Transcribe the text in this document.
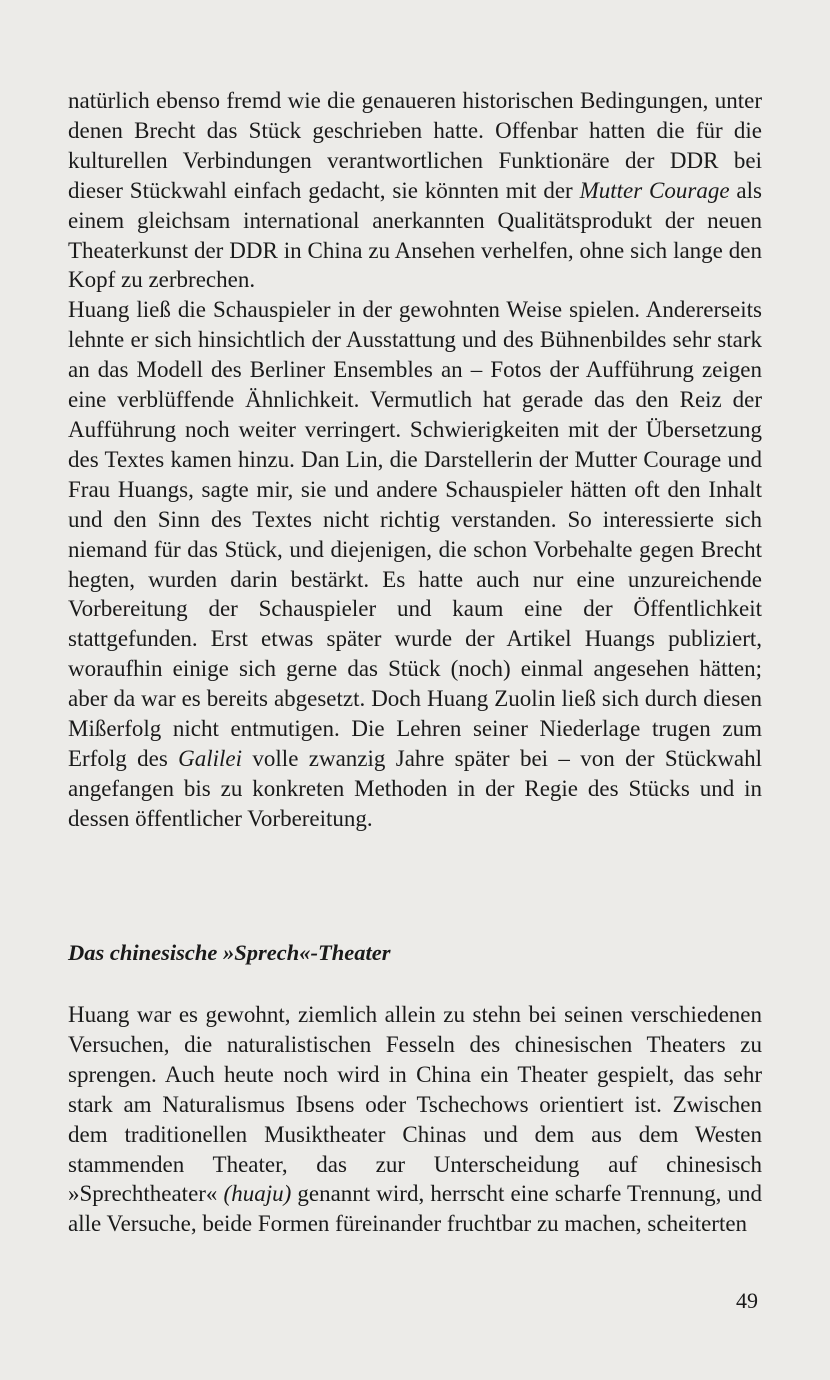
natürlich ebenso fremd wie die genaueren historischen Bedingungen, unter denen Brecht das Stück geschrieben hatte. Offenbar hatten die für die kulturellen Verbindungen verantwortlichen Funktionäre der DDR bei dieser Stückwahl einfach gedacht, sie könnten mit der Mutter Courage als einem gleichsam international anerkannten Qualitätsprodukt der neuen Theaterkunst der DDR in China zu Ansehen verhelfen, ohne sich lange den Kopf zu zerbrechen.

Huang ließ die Schauspieler in der gewohnten Weise spielen. Andererseits lehnte er sich hinsichtlich der Ausstattung und des Bühnenbildes sehr stark an das Modell des Berliner Ensembles an – Fotos der Aufführung zeigen eine verblüffende Ähnlichkeit. Vermutlich hat gerade das den Reiz der Aufführung noch weiter verringert. Schwierigkeiten mit der Übersetzung des Textes kamen hinzu. Dan Lin, die Darstellerin der Mutter Courage und Frau Huangs, sagte mir, sie und andere Schauspieler hätten oft den Inhalt und den Sinn des Textes nicht richtig verstanden. So interessierte sich niemand für das Stück, und diejenigen, die schon Vorbehalte gegen Brecht hegten, wurden darin bestärkt. Es hatte auch nur eine unzureichende Vorbereitung der Schauspieler und kaum eine der Öffentlichkeit stattgefunden. Erst etwas später wurde der Artikel Huangs publiziert, woraufhin einige sich gerne das Stück (noch) einmal angesehen hätten; aber da war es bereits abgesetzt. Doch Huang Zuolin ließ sich durch diesen Mißerfolg nicht entmutigen. Die Lehren seiner Niederlage trugen zum Erfolg des Galilei volle zwanzig Jahre später bei – von der Stückwahl angefangen bis zu konkreten Methoden in der Regie des Stücks und in dessen öffentlicher Vorbereitung.

Das chinesische »Sprech«-Theater

Huang war es gewohnt, ziemlich allein zu stehn bei seinen verschiedenen Versuchen, die naturalistischen Fesseln des chinesischen Theaters zu sprengen. Auch heute noch wird in China ein Theater gespielt, das sehr stark am Naturalismus Ibsens oder Tschechows orientiert ist. Zwischen dem traditionellen Musiktheater Chinas und dem aus dem Westen stammenden Theater, das zur Unterscheidung auf chinesisch »Sprechtheater« (huaju) genannt wird, herrscht eine scharfe Trennung, und alle Versuche, beide Formen füreinander fruchtbar zu machen, scheiterten

49
